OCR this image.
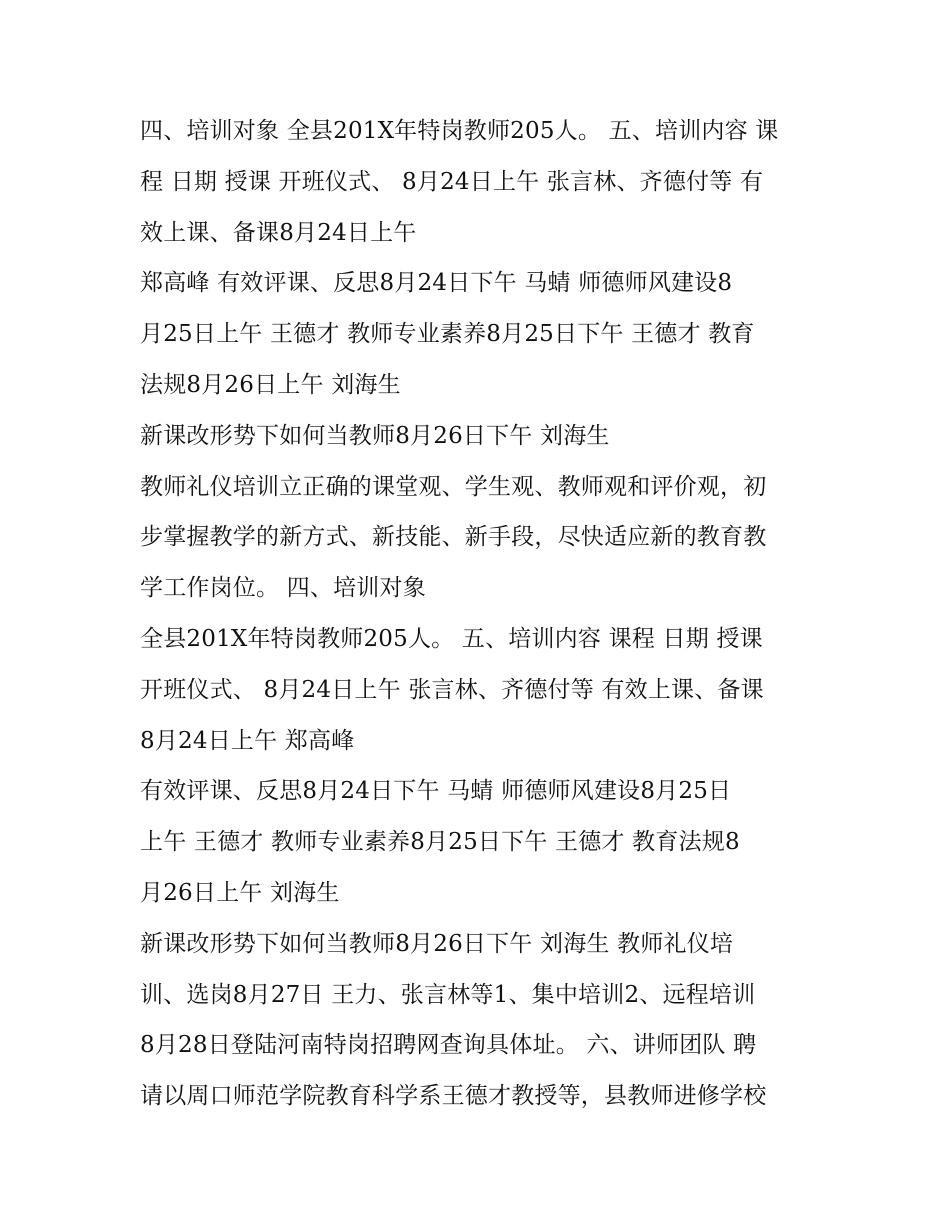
四、培训对象 全县201X年特岗教师205人。 五、培训内容 课
程 日期 授课 开班仪式、 8月24日上午 张言林、齐德付等 有
效上课、备课8月24日上午
郑高峰 有效评课、反思8月24日下午 马蜻 师德师风建设8
月25日上午 王德才 教师专业素养8月25日下午 王德才 教育
法规8月26日上午 刘海生
新课改形势下如何当教师8月26日下午 刘海生
教师礼仪培训立正确的课堂观、学生观、教师观和评价观，初
步掌握教学的新方式、新技能、新手段，尽快适应新的教育教
学工作岗位。 四、培训对象
全县201X年特岗教师205人。 五、培训内容 课程 日期 授课
开班仪式、 8月24日上午 张言林、齐德付等 有效上课、备课
8月24日上午 郑高峰
有效评课、反思8月24日下午 马蜻 师德师风建设8月25日
上午 王德才 教师专业素养8月25日下午 王德才 教育法规8
月26日上午 刘海生
新课改形势下如何当教师8月26日下午 刘海生 教师礼仪培
训、选岗8月27日 王力、张言林等1、集中培训2、远程培训
8月28日登陆河南特岗招聘网查询具体址。 六、讲师团队 聘
请以周口师范学院教育科学系王德才教授等，县教师进修学校
